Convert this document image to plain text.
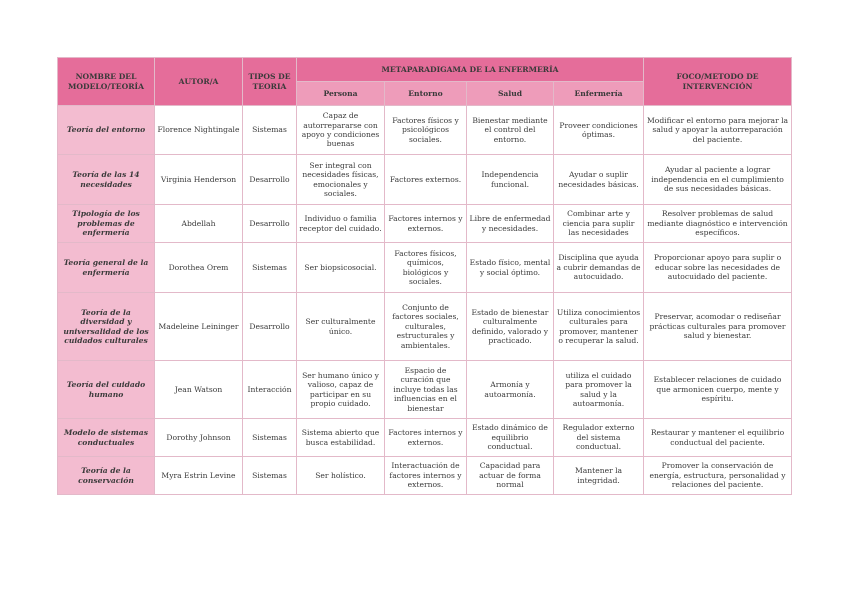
NOMBRE DEL MODELO/TEORÍA	AUTOR/A	TIPOS DE TEORIA	METAPARADIGAMA DE LA ENFERMERÍA				FOCO/METODO DE INTERVENCIÓN
			Persona	Entorno	Salud	Enfermería	
Teoría del entorno	Florence Nightingale	Sistemas	Capaz de autorrepararse con apoyo y condiciones buenas	Factores físicos y psicológicos sociales.	Bienestar mediante el control del entorno.	Proveer condiciones óptimas.	Modificar el entorno para mejorar la salud y apoyar la autorreparación del paciente.
Teoría de las 14 necesidades	Virginia Henderson	Desarrollo	Ser integral con necesidades físicas, emocionales y sociales.	Factores externos.	Independencia funcional.	Ayudar o suplir necesidades básicas.	Ayudar al paciente a lograr independencia en el cumplimiento de sus necesidades básicas.
Tipología de los problemas de enfermería	Abdellah	Desarrollo	Individuo o familia receptor del cuidado.	Factores internos y externos.	Libre de enfermedad y necesidades.	Combinar arte y ciencia para suplir las necesidades	Resolver problemas de salud mediante diagnóstico e intervención específicos.
Teoría general de la enfermería	Dorothea Orem	Sistemas	Ser biopsicosocial.	Factores físicos, químicos, biológicos y sociales.	Estado físico, mental y social óptimo.	Disciplina que ayuda a cubrir demandas de autocuidado.	Proporcionar apoyo para suplir o educar sobre las necesidades de autocuidado del paciente.
Teoría de la diversidad y universalidad de los cuidados culturales	Madeleine Leininger	Desarrollo	Ser culturalmente único.	Conjunto de factores sociales, culturales, estructurales y ambientales.	Estado de bienestar culturalmente definido, valorado y practicado.	Utiliza conocimientos culturales para promover, mantener o recuperar la salud.	Preservar, acomodar o rediseñar prácticas culturales para promover salud y bienestar.
Teoría del cuidado humano	Jean Watson	Interacción	Ser humano único y valioso, capaz de participar en su propio cuidado.	Espacio de curación que incluye todas las influencias en el bienestar	Armonía y autoarmonía.	utiliza el cuidado para promover la salud y la autoarmonía.	Establecer relaciones de cuidado que armonicen cuerpo, mente y espíritu.
Modelo de sistemas conductuales	Dorothy Johnson	Sistemas	Sistema abierto que busca estabilidad.	Factores internos y externos.	Estado dinámico de equilibrio conductual.	Regulador externo del sistema conductual.	Restaurar y mantener el equilibrio conductual del paciente.
Teoría de la conservación	Myra Estrin Levine	Sistemas	Ser holístico.	Interactuación de factores internos y externos.	Capacidad para actuar de forma normal	Mantener la integridad.	Promover la conservación de energía, estructura, personalidad y relaciones del paciente.
